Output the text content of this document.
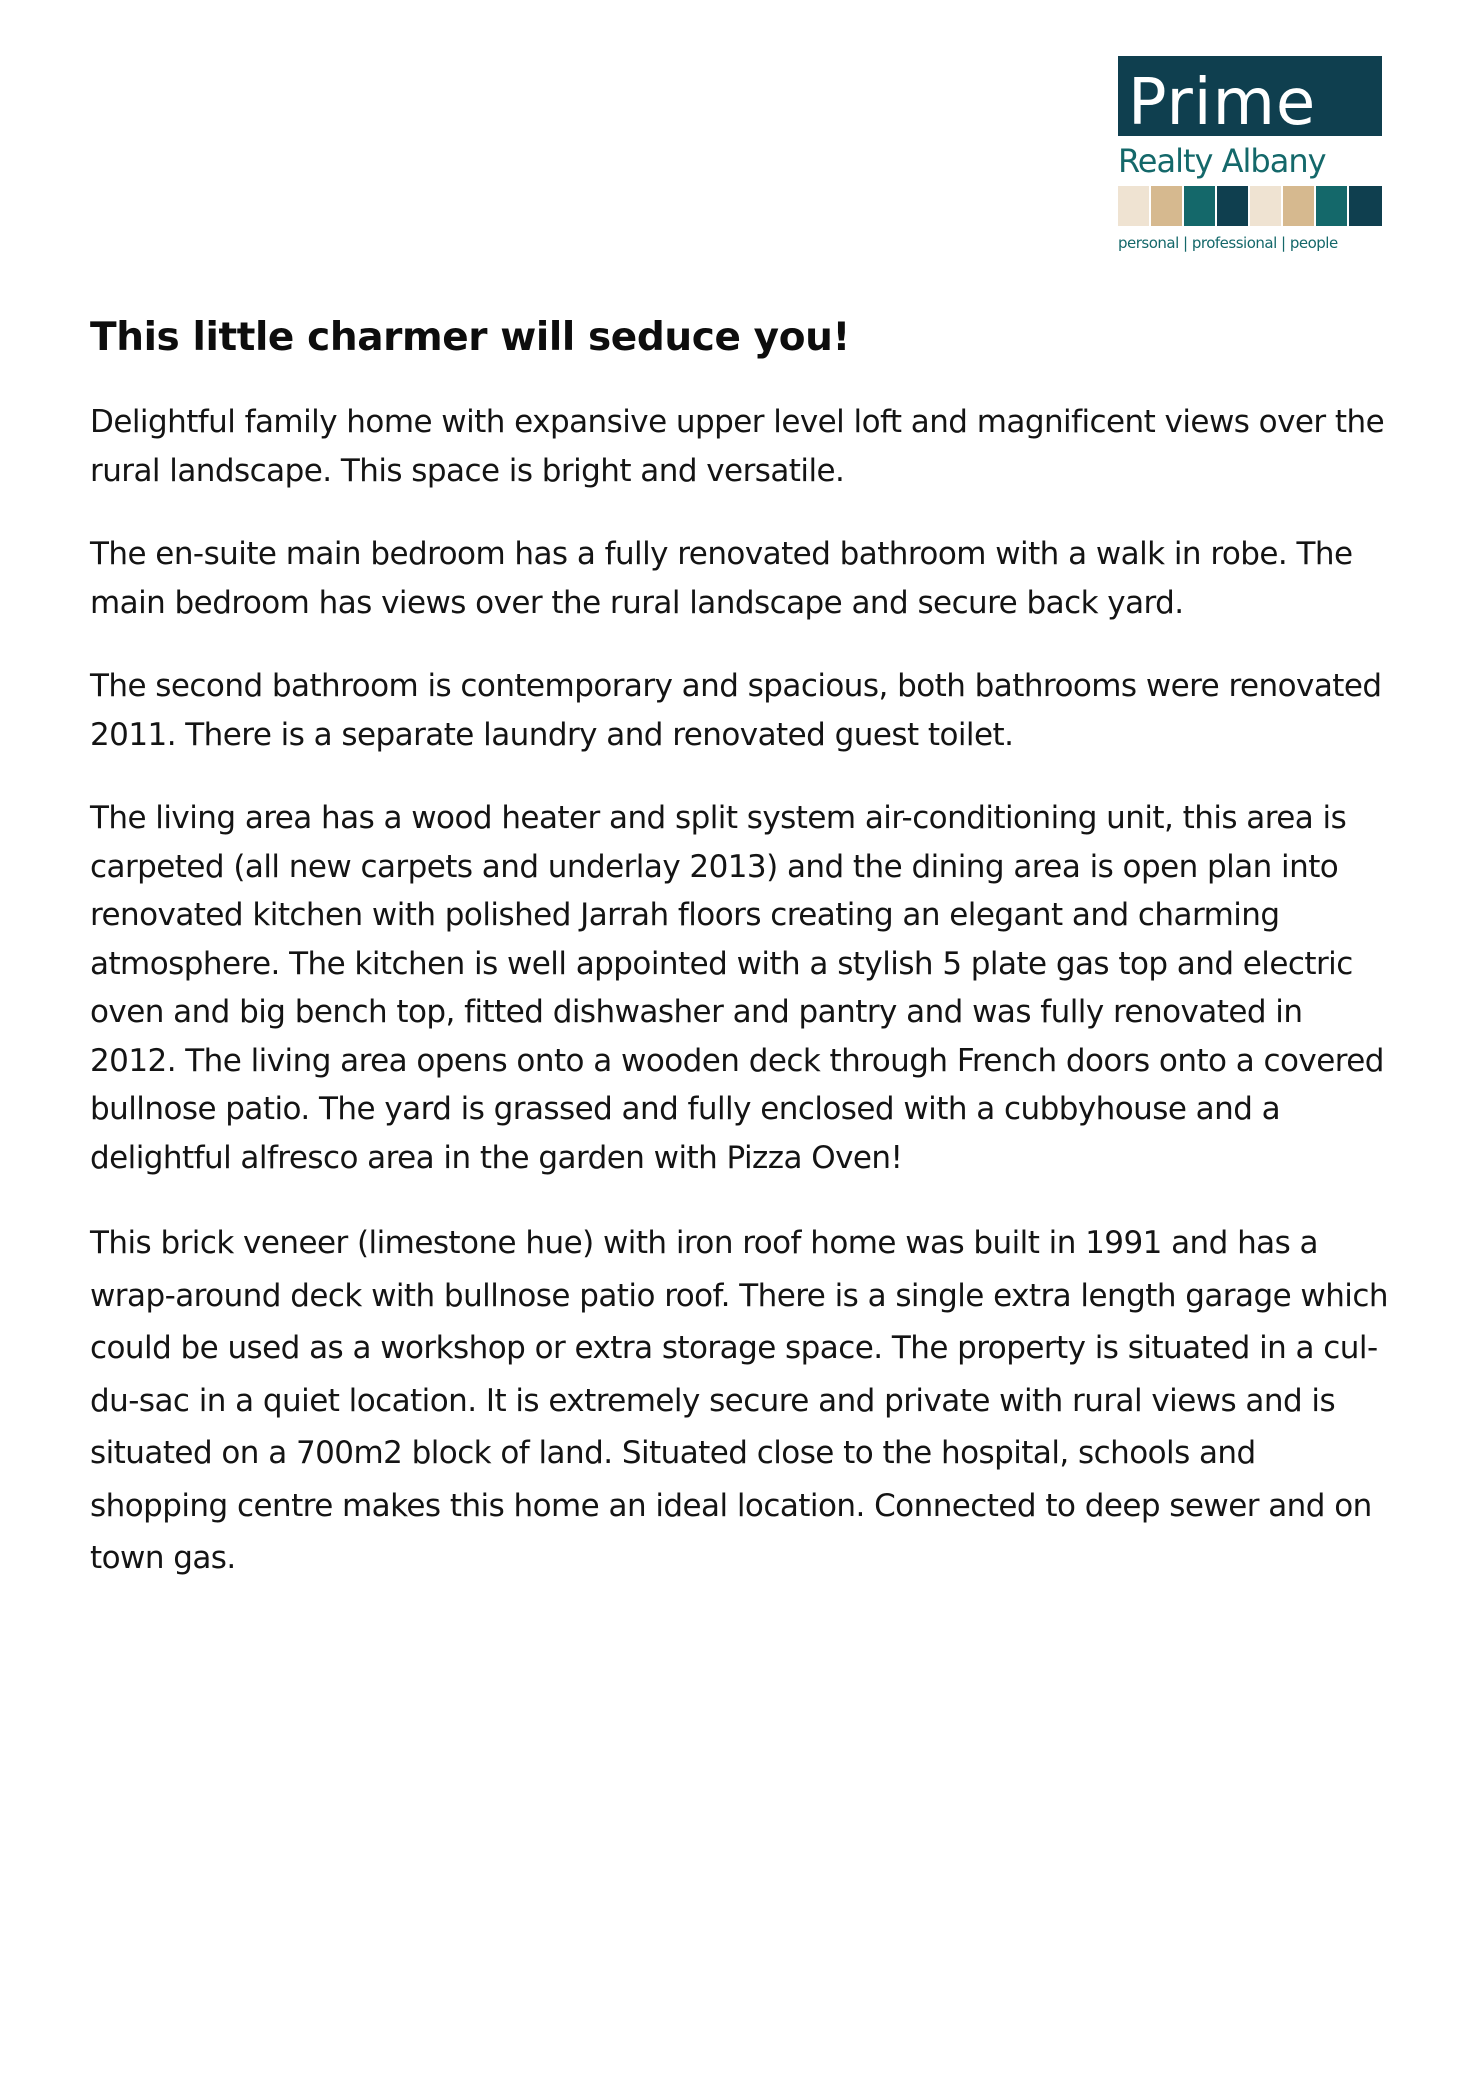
Prime
Realty Albany
personal | professional | people
This little charmer will seduce you!

Delightful family home with expansive upper level loft and magnificent views over the rural landscape. This space is bright and versatile.

The en-suite main bedroom has a fully renovated bathroom with a walk in robe. The main bedroom has views over the rural landscape and secure back yard.

The second bathroom is contemporary and spacious, both bathrooms were renovated 2011. There is a separate laundry and renovated guest toilet.

The living area has a wood heater and split system air-conditioning unit, this area is carpeted (all new carpets and underlay 2013) and the dining area is open plan into renovated kitchen with polished Jarrah floors creating an elegant and charming atmosphere. The kitchen is well appointed with a stylish 5 plate gas top and electric oven and big bench top, fitted dishwasher and pantry and was fully renovated in 2012. The living area opens onto a wooden deck through French doors onto a covered bullnose patio. The yard is grassed and fully enclosed with a cubbyhouse and a delightful alfresco area in the garden with Pizza Oven!

This brick veneer (limestone hue) with iron roof home was built in 1991 and has a wrap-around deck with bullnose patio roof. There is a single extra length garage which could be used as a workshop or extra storage space. The property is situated in a cul-du-sac in a quiet location. It is extremely secure and private with rural views and is situated on a 700m2 block of land. Situated close to the hospital, schools and shopping centre makes this home an ideal location. Connected to deep sewer and on town gas.
